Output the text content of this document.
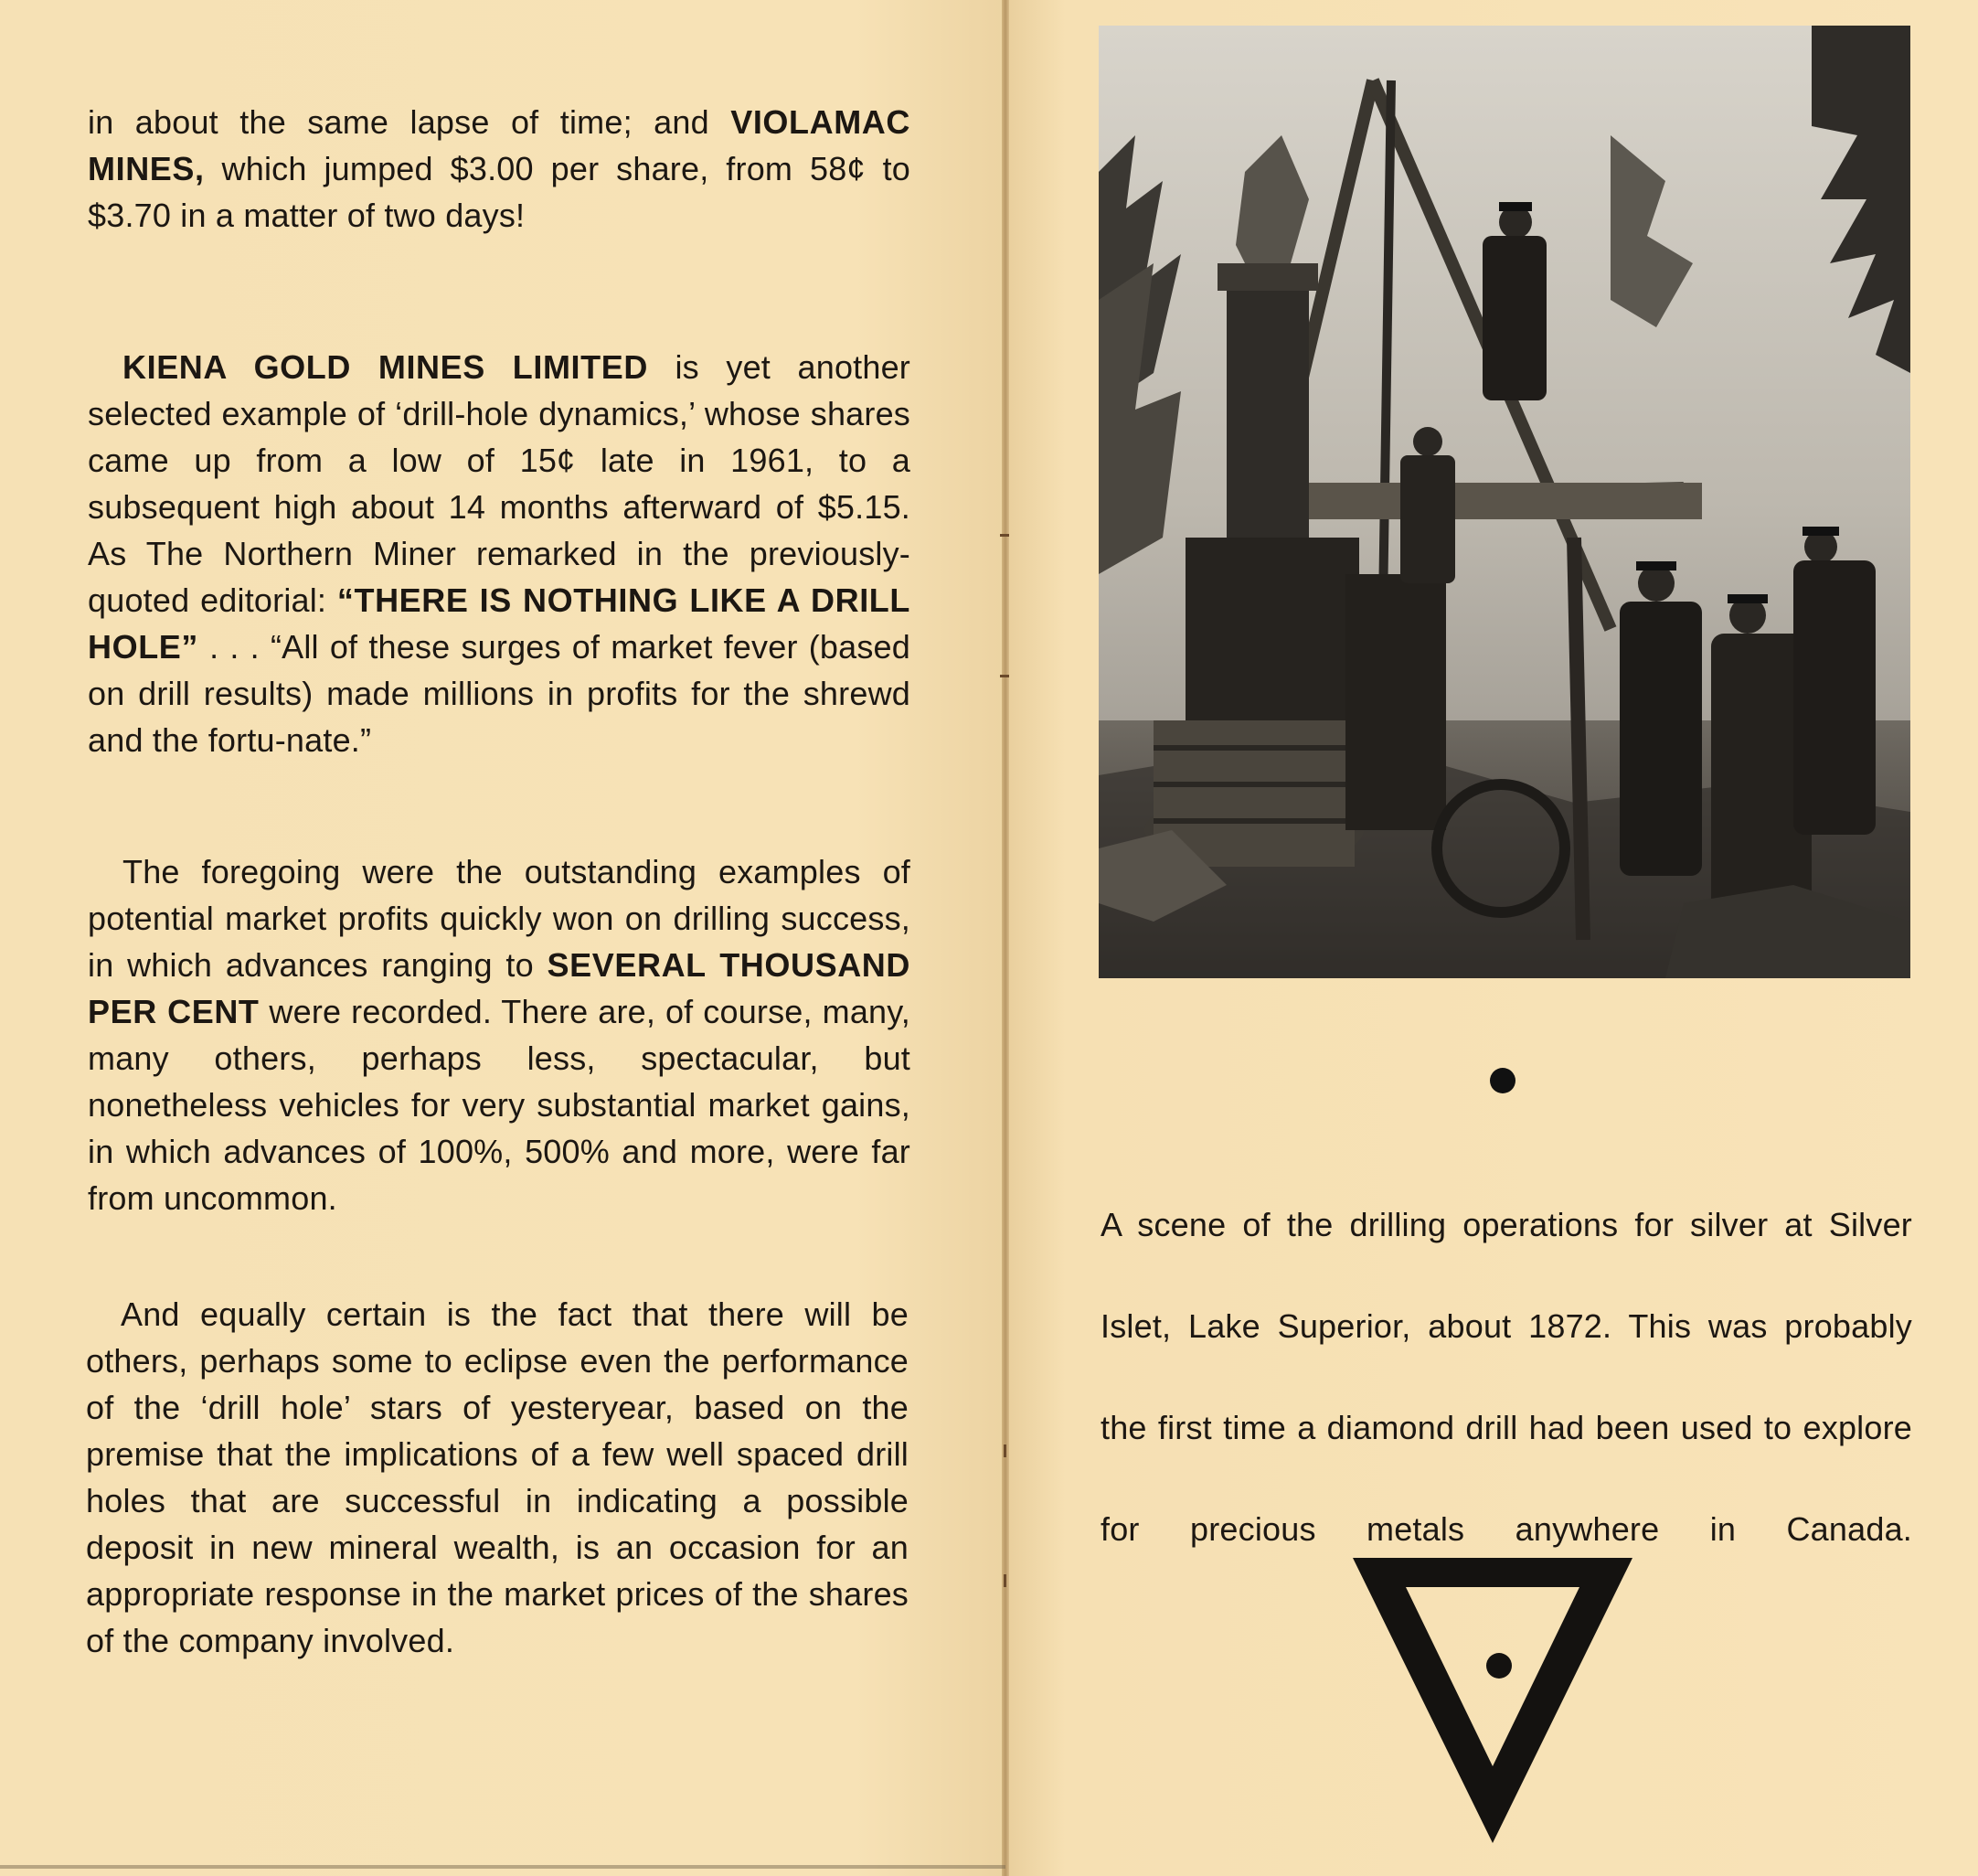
in about the same lapse of time; and VIOLAMAC MINES, which jumped $3.00 per share, from 58¢ to $3.70 in a matter of two days!

KIENA GOLD MINES LIMITED is yet another selected example of ‘drill-hole dynamics,’ whose shares came up from a low of 15¢ late in 1961, to a subsequent high about 14 months afterward of $5.15. As The Northern Miner remarked in the previously-quoted editorial: “THERE IS NOTHING LIKE A DRILL HOLE” . . . “All of these surges of market fever (based on drill results) made millions in profits for the shrewd and the fortu-nate.”

The foregoing were the outstanding examples of potential market profits quickly won on drilling success, in which advances ranging to SEVERAL THOUSAND PER CENT were recorded. There are, of course, many, many others, perhaps less, spectacular, but nonetheless vehicles for very substantial market gains, in which advances of 100%, 500% and more, were far from uncommon.

And equally certain is the fact that there will be others, perhaps some to eclipse even the performance of the ‘drill hole’ stars of yesteryear, based on the premise that the implications of a few well spaced drill holes that are successful in indicating a possible deposit in new mineral wealth, is an occasion for an appropriate response in the market prices of the shares of the company involved.

A scene of the drilling operations for silver at Silver Islet, Lake Superior, about 1872. This was probably the first time a diamond drill had been used to explore for precious metals anywhere in Canada.
